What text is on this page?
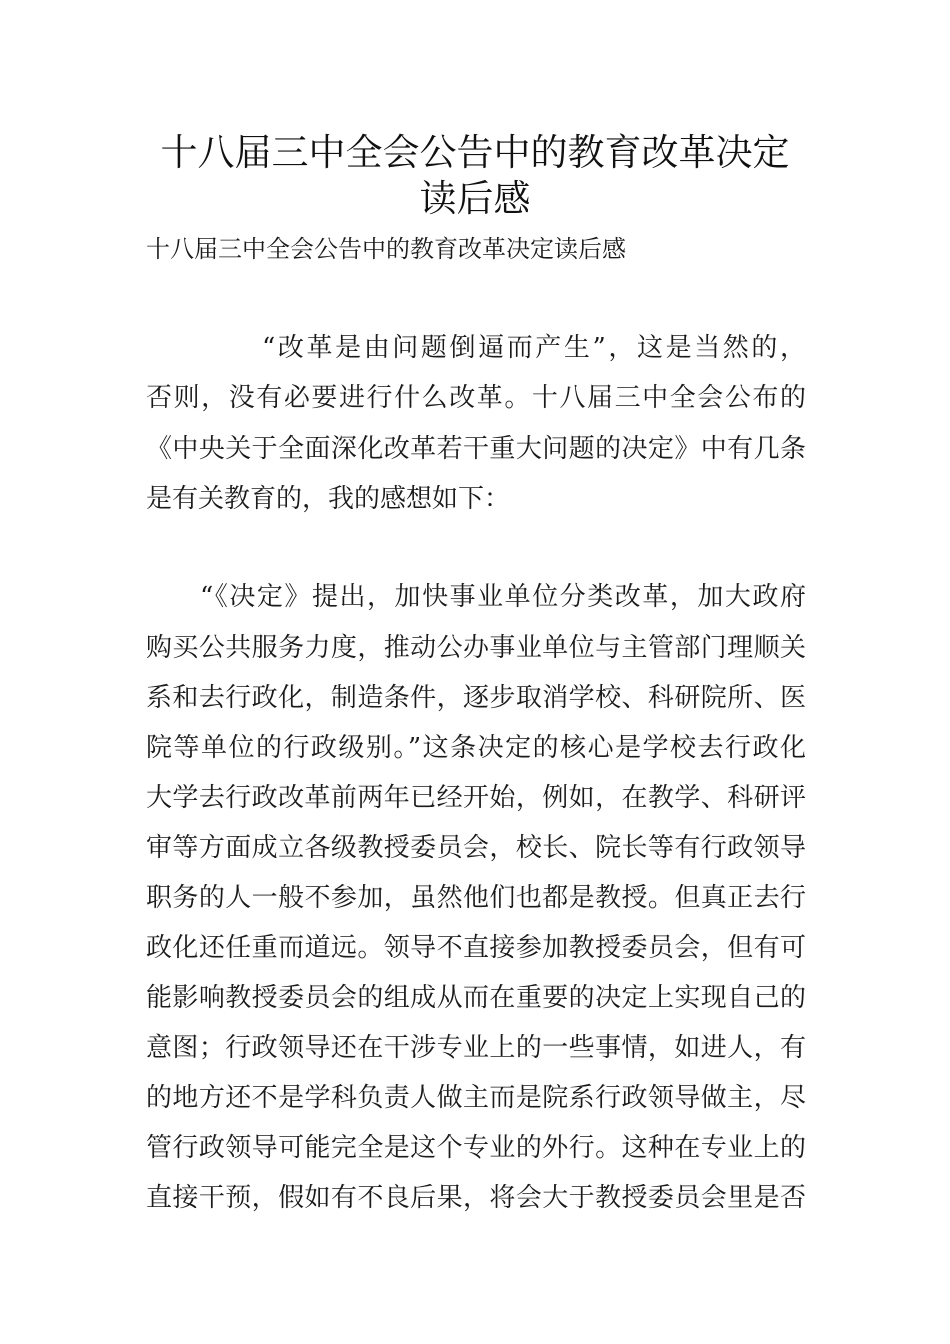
十八届三中全会公告中的教育改革决定
读后感
十八届三中全会公告中的教育改革决定读后感
“改革是由问题倒逼而产生”，这是当然的，
否则，没有必要进行什么改革。十八届三中全会公布的
《中央关于全面深化改革若干重大问题的决定》中有几条
是有关教育的，我的感想如下：
“《决定》提出，加快事业单位分类改革，加大政府
购买公共服务力度，推动公办事业单位与主管部门理顺关
系和去行政化，制造条件，逐步取消学校、科研院所、医
院等单位的行政级别。”这条决定的核心是学校去行政化
大学去行政改革前两年已经开始，例如，在教学、科研评
审等方面成立各级教授委员会，校长、院长等有行政领导
职务的人一般不参加，虽然他们也都是教授。但真正去行
政化还任重而道远。领导不直接参加教授委员会，但有可
能影响教授委员会的组成从而在重要的决定上实现自己的
意图；行政领导还在干涉专业上的一些事情，如进人，有
的地方还不是学科负责人做主而是院系行政领导做主，尽
管行政领导可能完全是这个专业的外行。这种在专业上的
直接干预，假如有不良后果，将会大于教授委员会里是否
